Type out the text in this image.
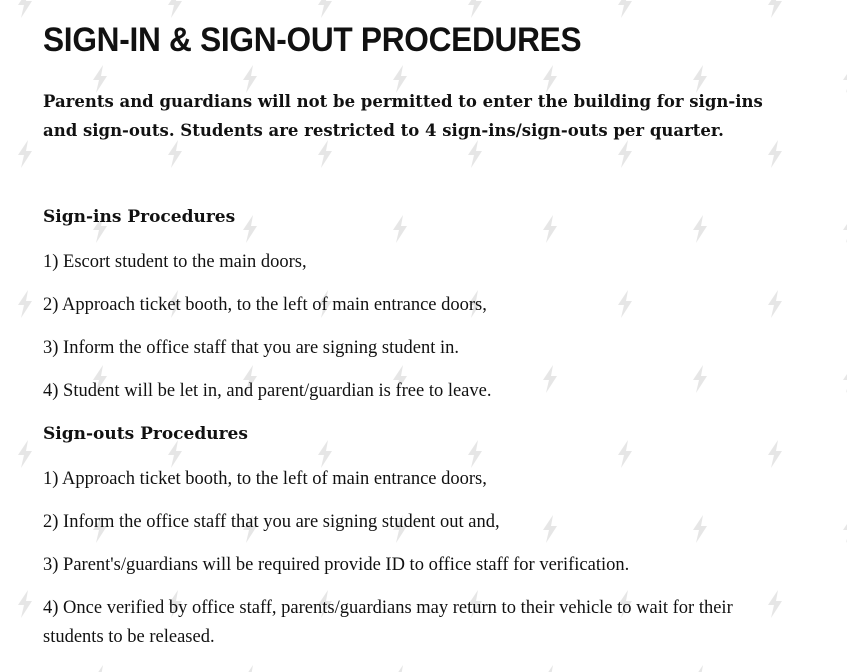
SIGN-IN & SIGN-OUT PROCEDURES

Parents and guardians will not be permitted to enter the building for sign-ins and sign-outs. Students are restricted to 4 sign-ins/sign-outs per quarter.

Sign-ins Procedures
1) Escort student to the main doors,
2) Approach ticket booth, to the left of main entrance doors,
3) Inform the office staff that you are signing student in.
4) Student will be let in, and parent/guardian is free to leave.
Sign-outs Procedures
1) Approach ticket booth, to the left of main entrance doors,
2) Inform the office staff that you are signing student out and,
3) Parent's/guardians will be required provide ID to office staff for verification.
4) Once verified by office staff, parents/guardians may return to their vehicle to wait for their students to be released.
